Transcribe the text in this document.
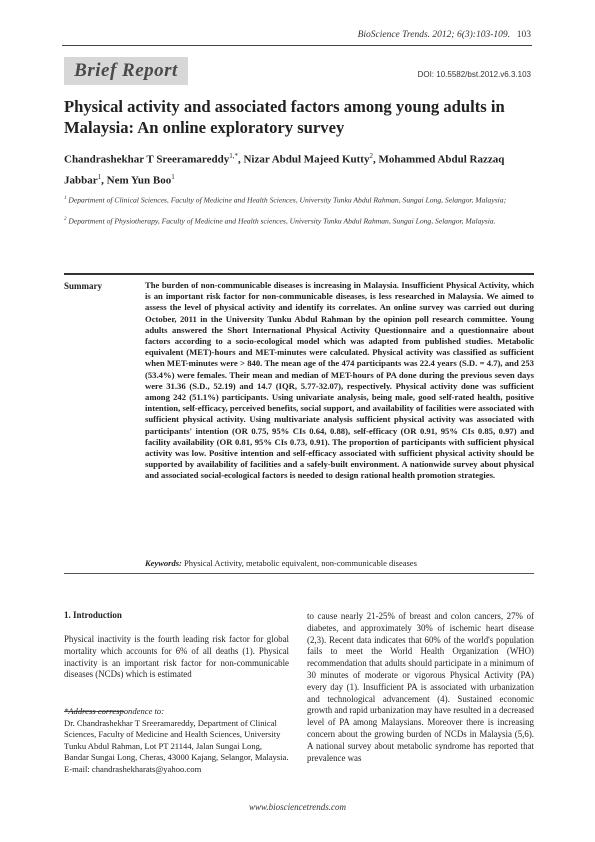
BioScience Trends. 2012; 6(3):103-109. 103
Brief Report	DOI: 10.5582/bst.2012.v6.3.103
Physical activity and associated factors among young adults in Malaysia: An online exploratory survey
Chandrashekhar T Sreeramareddy$^{1,*}$, Nizar Abdul Majeed Kutty$^2$, Mohammed Abdul Razzaq Jabbar$^1$, Nem Yun Boo$^1$
$^1$ Department of Clinical Sciences, Faculty of Medicine and Health Sciences, University Tunku Abdul Rahman, Sungai Long, Selangor, Malaysia;
$^2$ Department of Physiotherapy, Faculty of Medicine and Health sciences, University Tunku Abdul Rahman, Sungai Long, Selangor, Malaysia.
Summary	The burden of non-communicable diseases is increasing in Malaysia. Insufficient Physical Activity, which is an important risk factor for non-communicable diseases, is less researched in Malaysia. We aimed to assess the level of physical activity and identify its correlates. An online survey was carried out during October, 2011 in the University Tunku Abdul Rahman by the opinion poll research committee. Young adults answered the Short International Physical Activity Questionnaire and a questionnaire about factors according to a socio-ecological model which was adapted from published studies. Metabolic equivalent (MET)-hours and MET-minutes were calculated. Physical activity was classified as sufficient when MET-minutes were > 840. The mean age of the 474 participants was 22.4 years (S.D. = 4.7), and 253 (53.4%) were females. Their mean and median of MET-hours of PA done during the previous seven days were 31.36 (S.D., 52.19) and 14.7 (IQR, 5.77-32.07), respectively. Physical activity done was sufficient among 242 (51.1%) participants. Using univariate analysis, being male, good self-rated health, positive intention, self-efficacy, perceived benefits, social support, and availability of facilities were associated with sufficient physical activity. Using multivariate analysis sufficient physical activity was associated with participants' intention (OR 0.75, 95% CIs 0.64, 0.88), self-efficacy (OR 0.91, 95% CIs 0.85, 0.97) and facility availability (OR 0.81, 95% CIs 0.73, 0.91). The proportion of participants with sufficient physical activity was low. Positive intention and self-efficacy associated with sufficient physical activity should be supported by availability of facilities and a safely-built environment. A nationwide survey about physical and associated social-ecological factors is needed to design rational health promotion strategies.
Keywords: Physical Activity, metabolic equivalent, non-communicable diseases
1. Introduction
Physical inactivity is the fourth leading risk factor for global mortality which accounts for 6% of all deaths (1). Physical inactivity is an important risk factor for non-communicable diseases (NCDs) which is estimated
to cause nearly 21-25% of breast and colon cancers, 27% of diabetes, and approximately 30% of ischemic heart disease (2,3). Recent data indicates that 60% of the world's population fails to meet the World Health Organization (WHO) recommendation that adults should participate in a minimum of 30 minutes of moderate or vigorous Physical Activity (PA) every day (1). Insufficient PA is associated with urbanization and technological advancement (4). Sustained economic growth and rapid urbanization may have resulted in a decreased level of PA among Malaysians. Moreover there is increasing concern about the growing burden of NCDs in Malaysia (5,6). A national survey about metabolic syndrome has reported that prevalence was
*Address correspondence to:
Dr. Chandrashekhar T Sreeramareddy, Department of Clinical Sciences, Faculty of Medicine and Health Sciences, University Tunku Abdul Rahman, Lot PT 21144, Jalan Sungai Long, Bandar Sungai Long, Cheras, 43000 Kajang, Selangor, Malaysia.
E-mail: chandrashekharats@yahoo.com
www.biosciencetrends.com
